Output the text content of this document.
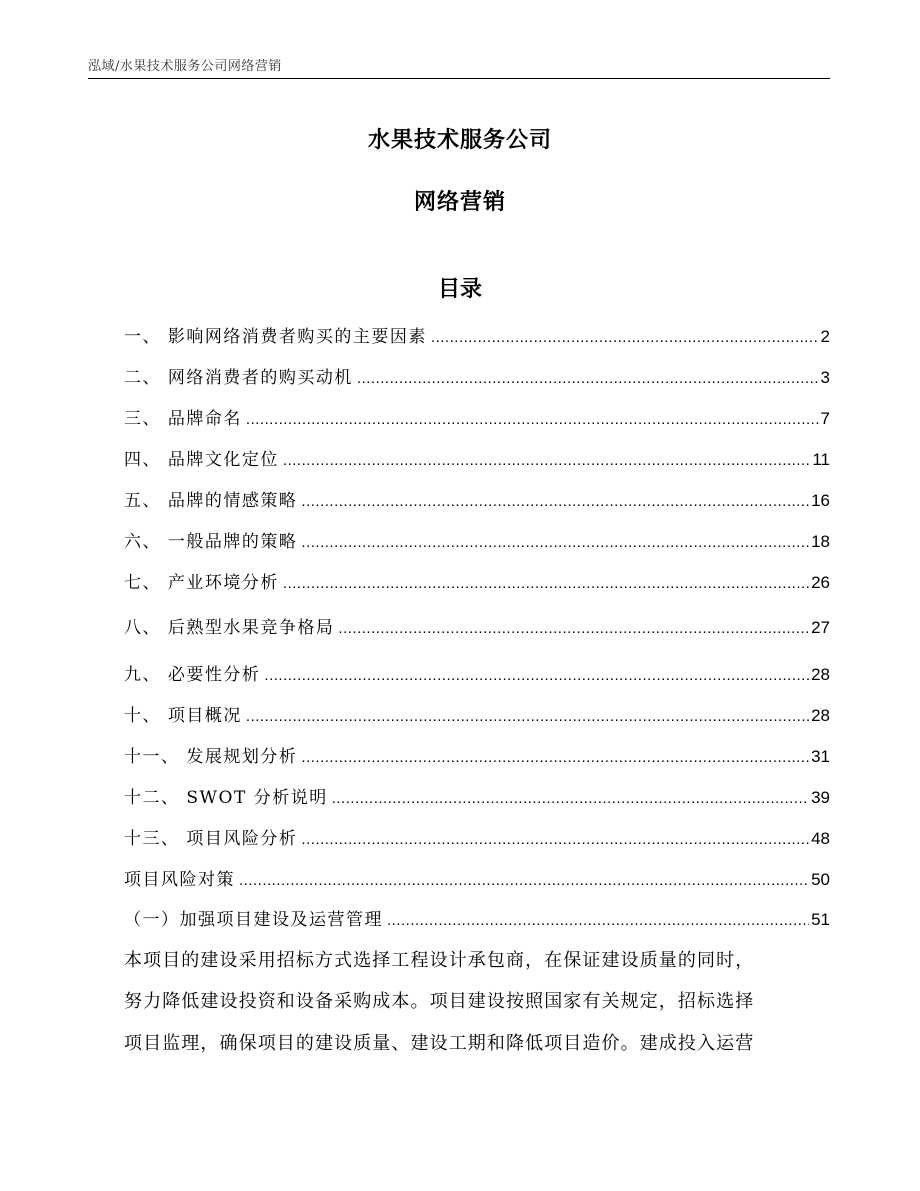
泓域/水果技术服务公司网络营销
水果技术服务公司
网络营销
目录
一、 影响网络消费者购买的主要因素 .....	2
二、 网络消费者的购买动机 .....	3
三、 品牌命名 .....	7
四、 品牌文化定位 .....	11
五、 品牌的情感策略 .....	16
六、 一般品牌的策略 .....	18
七、 产业环境分析 .....	26
八、 后熟型水果竞争格局 .....	27
九、 必要性分析 .....	28
十、 项目概况 .....	28
十一、 发展规划分析 .....	31
十二、 SWOT 分析说明 .....	39
十三、 项目风险分析 .....	48
项目风险对策 .....	50
（一）加强项目建设及运营管理 .....	51
本项目的建设采用招标方式选择工程设计承包商，在保证建设质量的同时，
努力降低建设投资和设备采购成本。项目建设按照国家有关规定，招标选择
项目监理，确保项目的建设质量、建设工期和降低项目造价。建成投入运营
